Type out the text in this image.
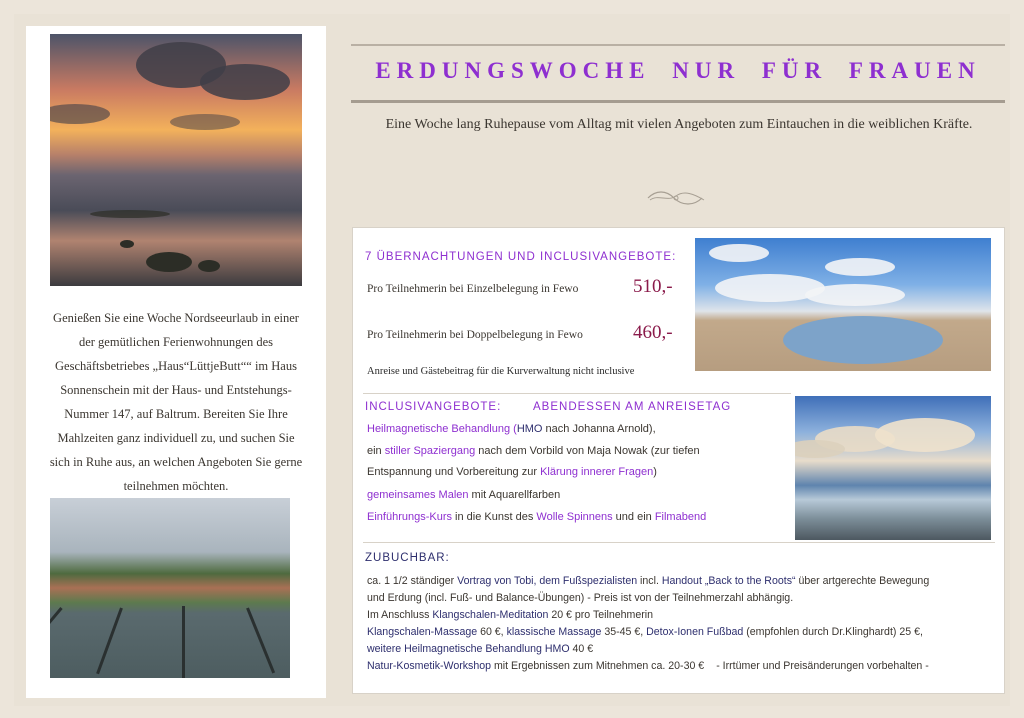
Genießen Sie eine Woche Nordseeurlaub in einer der gemütlichen Ferienwohnungen des Geschäftsbetriebes „Haus“LüttjeButt““ im Haus Sonnenschein mit der Haus- und Entstehungs-Nummer 147, auf Baltrum. Bereiten Sie Ihre Mahlzeiten ganz individuell zu, und suchen Sie sich in Ruhe aus, an welchen Angeboten Sie gerne teilnehmen möchten.

ERDUNGSWOCHE NUR FÜR FRAUEN

Eine Woche lang Ruhepause vom Alltag mit vielen Angeboten zum Eintauchen in die weiblichen Kräfte.

7 ÜBERNACHTUNGEN UND INCLUSIVANGEBOTE:
Pro Teilnehmerin bei Einzelbelegung in Fewo	510,-
Pro Teilnehmerin bei Doppelbelegung in Fewo	460,-
Anreise und Gästebeitrag für die Kurverwaltung nicht inclusive
INCLUSIVANGEBOTE:	ABENDESSEN AM ANREISETAG
Heilmagnetische Behandlung (HMO nach Johanna Arnold),
ein stiller Spaziergang nach dem Vorbild von Maja Nowak (zur tiefen
Entspannung und Vorbereitung zur Klärung innerer Fragen)
gemeinsames Malen mit Aquarellfarben
Einführungs-Kurs in die Kunst des Wolle Spinnens und ein Filmabend
ZUBUCHBAR:
ca. 1 1/2 ständiger Vortrag von Tobi, dem Fußspezialisten incl. Handout „Back to the Roots“ über artgerechte Bewegung
und Erdung (incl. Fuß- und Balance-Übungen) - Preis ist von der Teilnehmerzahl abhängig.
Im Anschluss Klangschalen-Meditation 20 € pro Teilnehmerin
Klangschalen-Massage 60 €, klassische Massage 35-45 €, Detox-Ionen Fußbad (empfohlen durch Dr.Klinghardt) 25 €,
weitere Heilmagnetische Behandlung HMO 40 €
Natur-Kosmetik-Workshop mit Ergebnissen zum Mitnehmen ca. 20-30 € - Irrtümer und Preisänderungen vorbehalten -
